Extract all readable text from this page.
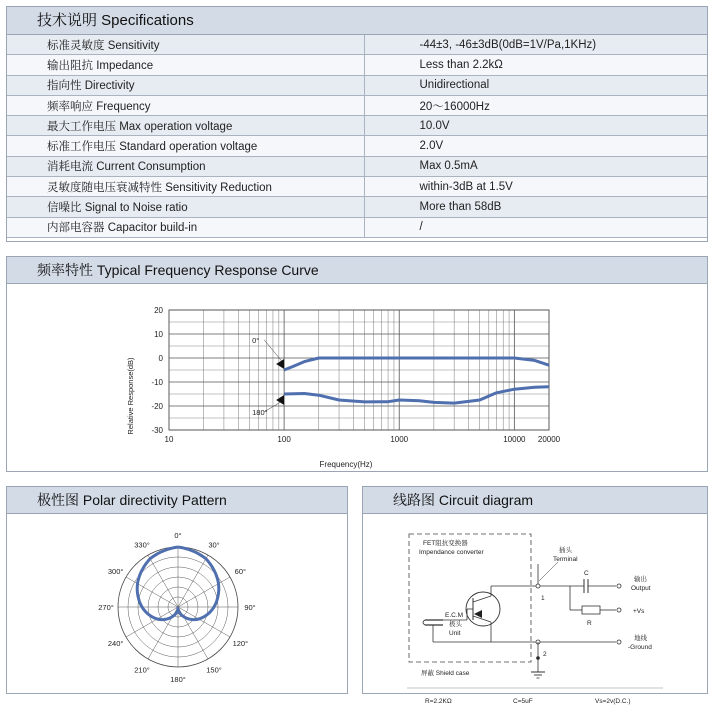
技术说明 Specifications
标准灵敏度 Sensitivity	-44±3, -46±3dB(0dB=1V/Pa,1KHz)
输出阻抗 Impedance	Less than 2.2kΩ
指向性 Directivity	Unidirectional
频率响应 Frequency	20～16000Hz
最大工作电压 Max operation voltage	10.0V
标准工作电压 Standard operation voltage	2.0V
消耗电流 Current Consumption	Max 0.5mA
灵敏度随电压衰减特性 Sensitivity Reduction	within-3dB at 1.5V
信噪比 Signal to Noise ratio	More than 58dB
内部电容器 Capacitor build-in	/
频率特性 Typical Frequency Response Curve
10	100	1000	10000 20000
20
10
0
-10
-20
-30
0°
180°
Frequency(Hz)
Relative Response(dB)
极性图 Polar directivity Pattern
0°
30°
60°
90°
120°
150°
180°
210°
240°
270°
300°
330°
线路图 Circuit diagram
FET阻抗变换器
Impendance converter
E.C.M
极头
Unit
1
2
插头
Terminal
C
输出
Output
R
+Vs
地线
-Ground
屏蔽 Shield case
R=2.2KΩ	C=5uF	Vs=2v(D.C.)
